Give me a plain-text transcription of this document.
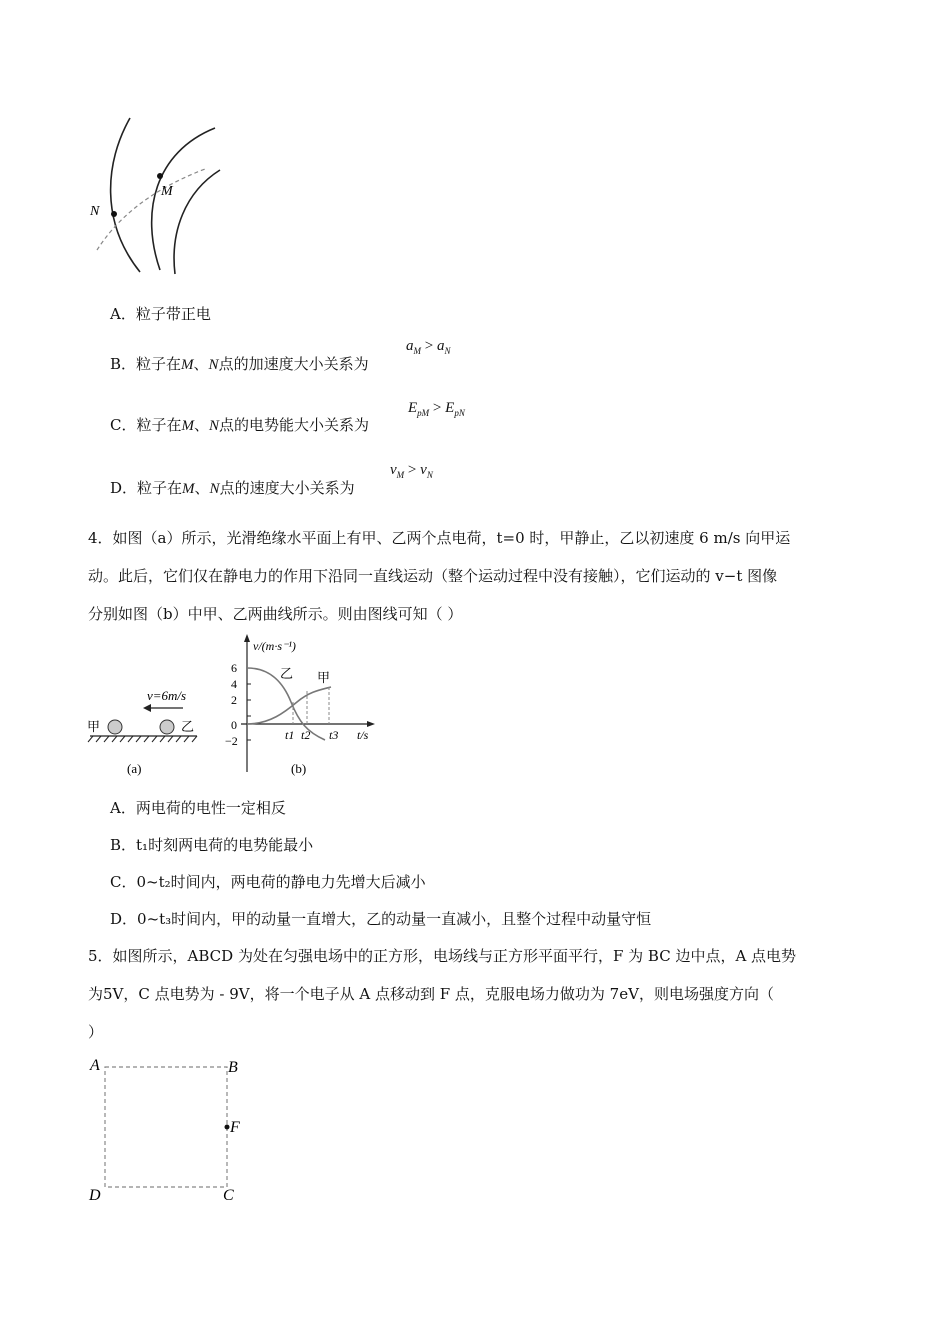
N
M
A．粒子带正电
B．粒子在M、N点的加速度大小关系为
$a_M > a_N$
C．粒子在M、N点的电势能大小关系为
$E_{pM} > E_{pN}$
D．粒子在M、N点的速度大小关系为
$v_M > v_N$
4．如图（a）所示，光滑绝缘水平面上有甲、乙两个点电荷，t=0 时，甲静止，乙以初速度 6 m/s 向甲运
动。此后，它们仅在静电力的作用下沿同一直线运动（整个运动过程中没有接触），它们运动的 v−t 图像
分别如图（b）中甲、乙两曲线所示。则由图线可知（ ）
v=6m/s
甲	乙
(a)
v/(m·s⁻¹)
t/s
6
4
2
0
−2
乙 甲
t1 t2 t3
(b)
A．两电荷的电性一定相反
B．t₁时刻两电荷的电势能最小
C．0~t₂时间内，两电荷的静电力先增大后减小
D．0~t₃时间内，甲的动量一直增大，乙的动量一直减小，且整个过程中动量守恒
5．如图所示，ABCD 为处在匀强电场中的正方形，电场线与正方形平面平行，F 为 BC 边中点，A 点电势
为5V，C 点电势为 - 9V，将一个电子从 A 点移动到 F 点，克服电场力做功为 7eV，则电场强度方向（
）
A	B
C
D
F
